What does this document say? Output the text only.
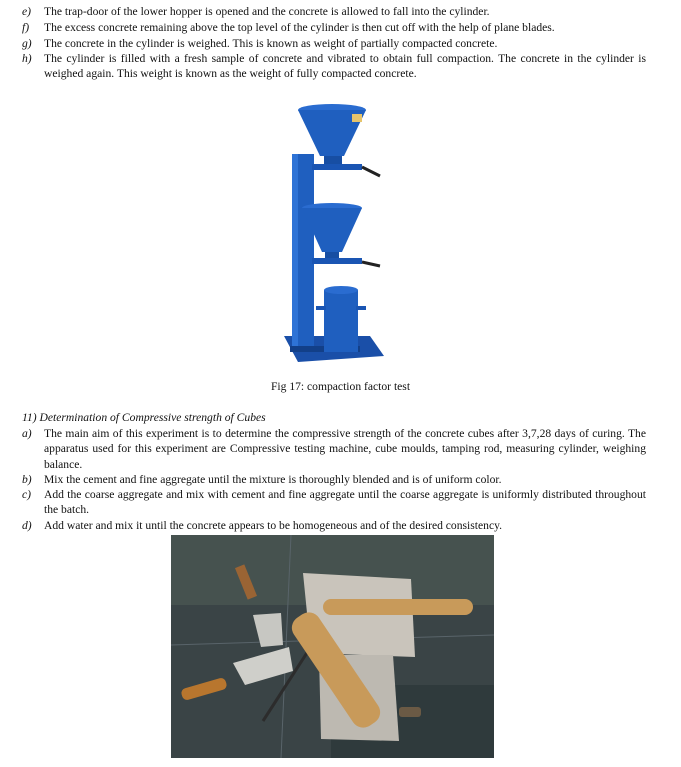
e)	The trap-door of the lower hopper is opened and the concrete is allowed to fall into the cylinder.
f)	The excess concrete remaining above the top level of the cylinder is then cut off with the help of plane blades.
g)	The concrete in the cylinder is weighed. This is known as weight of partially compacted concrete.
h)	The cylinder is filled with a fresh sample of concrete and vibrated to obtain full compaction. The concrete in the cylinder is weighed again. This weight is known as the weight of fully compacted concrete.
Fig 17: compaction factor test
11) Determination of Compressive strength of Cubes
a)	The main aim of this experiment is to determine the compressive strength of the concrete cubes after 3,7,28 days of curing. The apparatus used for this experiment are Compressive testing machine, cube moulds, tamping rod, measuring cylinder, weighing balance.
b)	Mix the cement and fine aggregate until the mixture is thoroughly blended and is of uniform color.
c)	Add the coarse aggregate and mix with cement and fine aggregate until the coarse aggregate is uniformly distributed throughout the batch.
d)	Add water and mix it until the concrete appears to be homogeneous and of the desired consistency.
